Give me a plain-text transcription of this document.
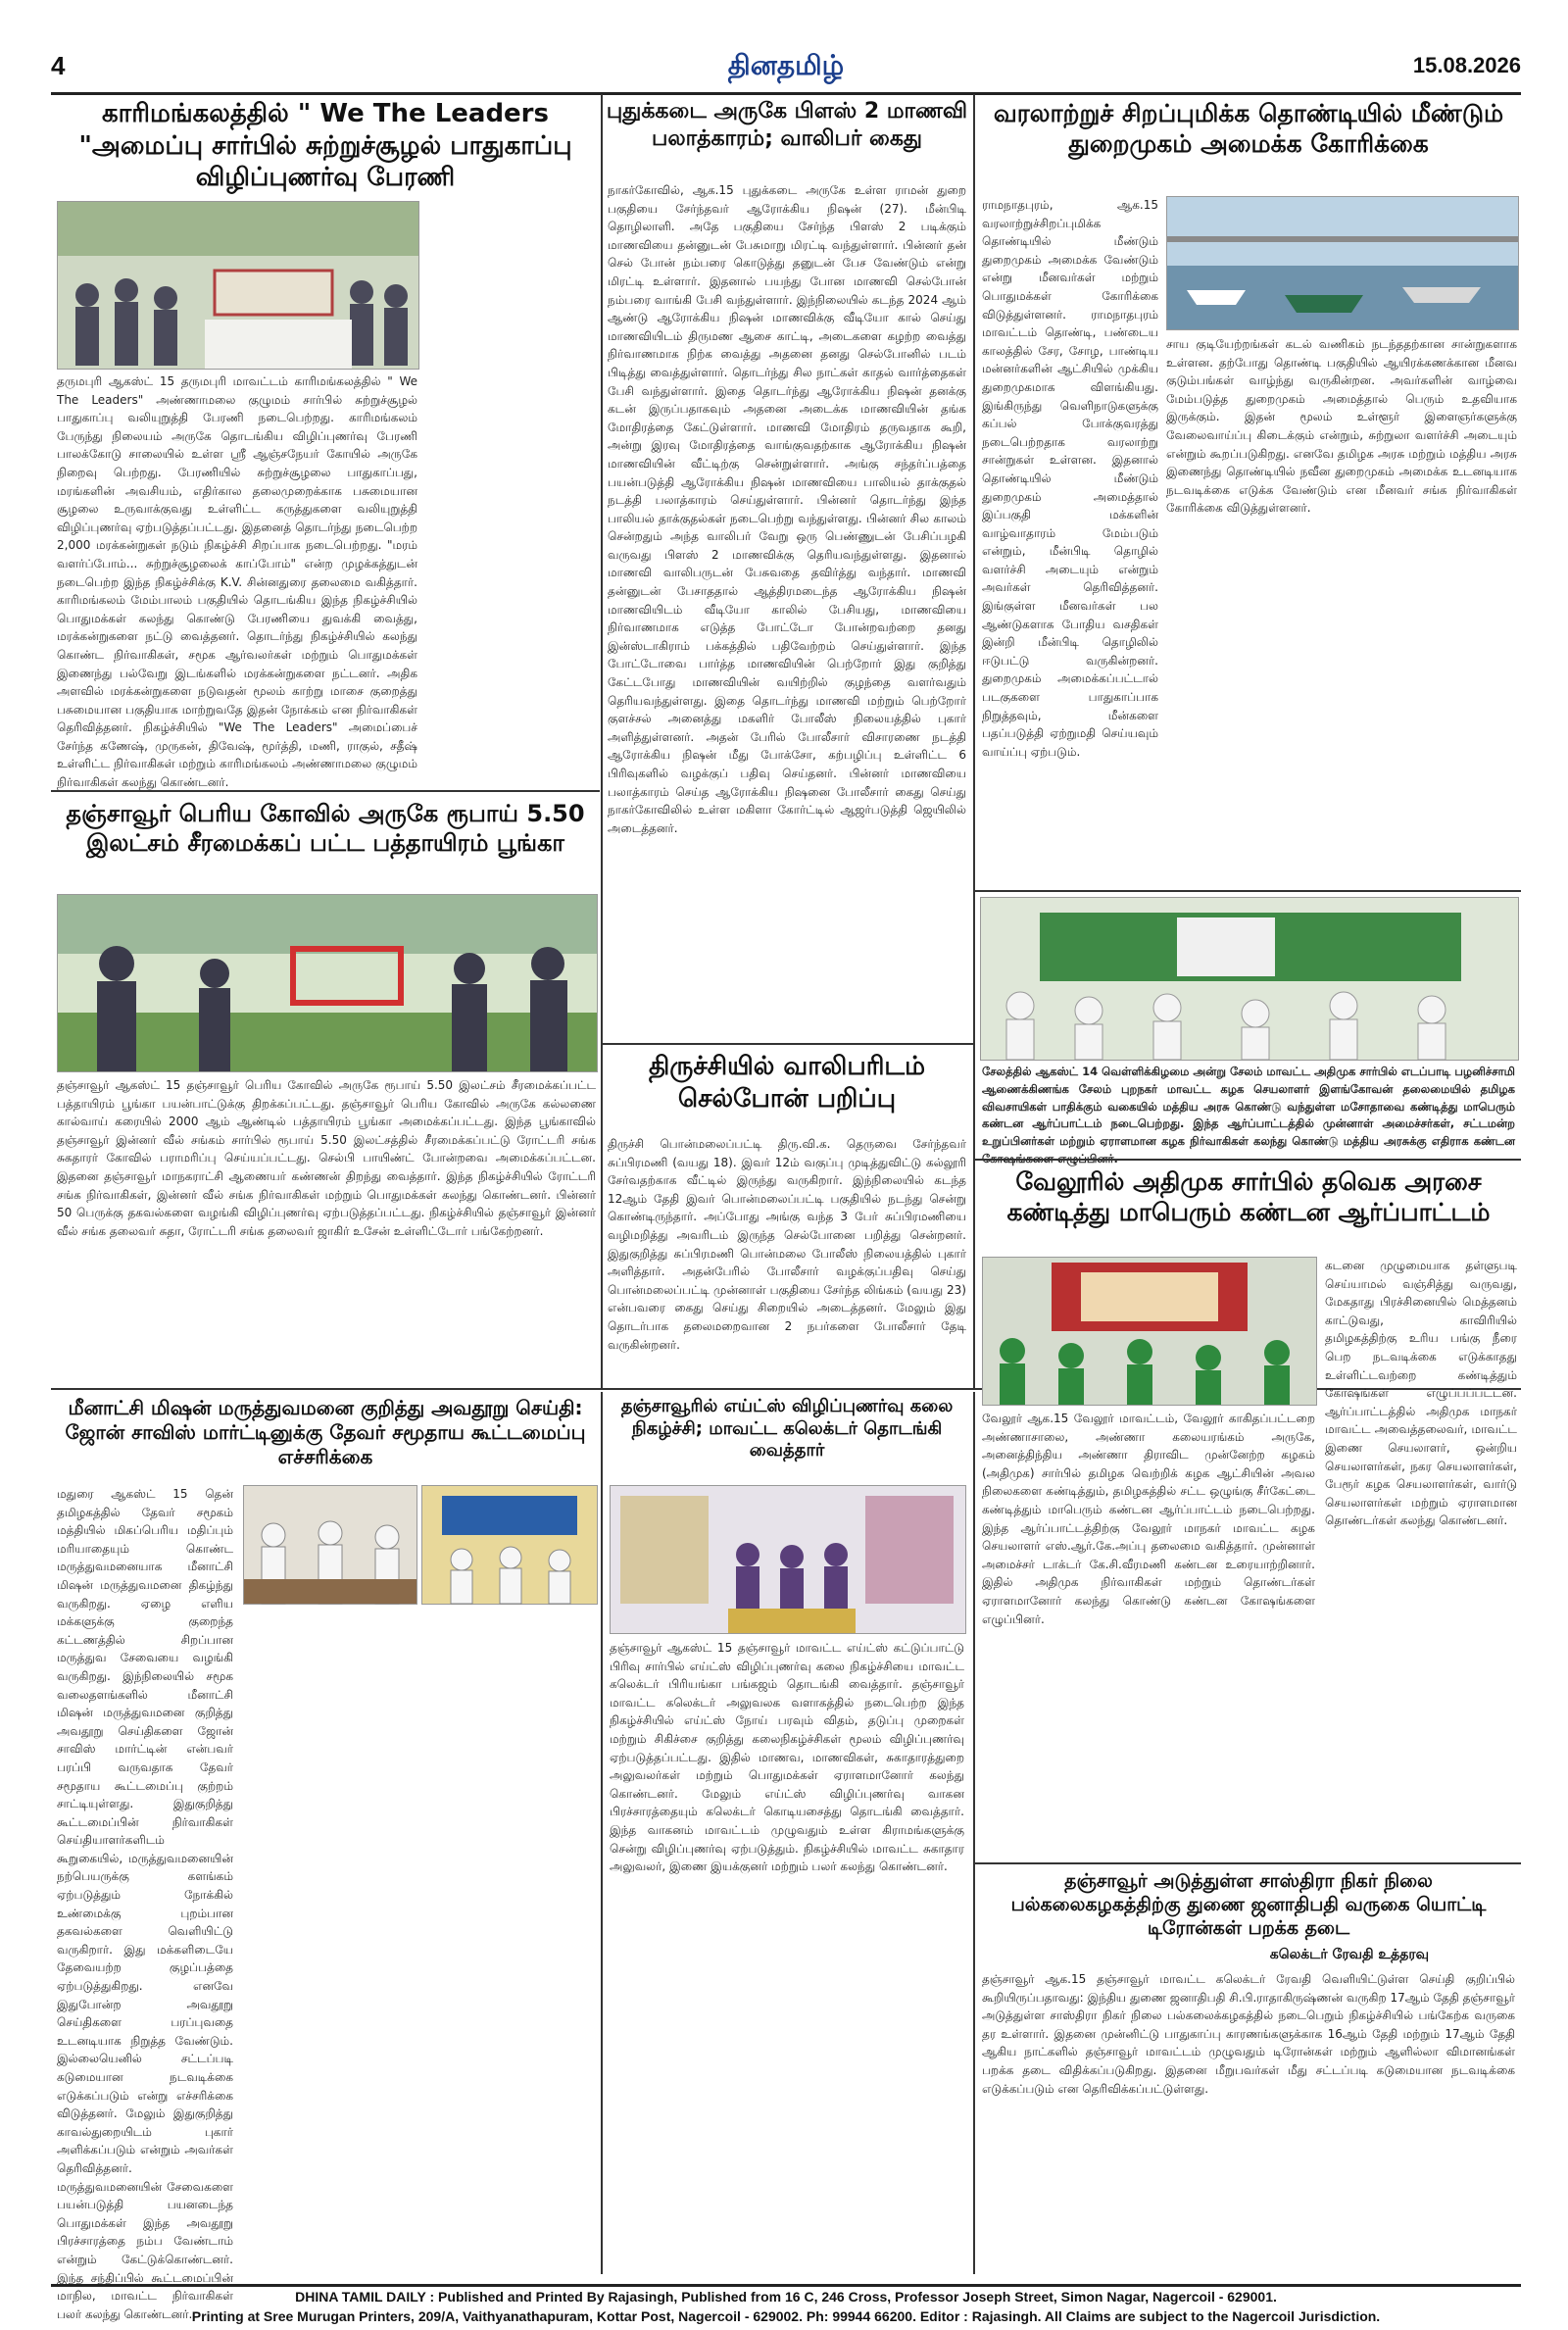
4	தினதமிழ்	15.08.2026
காரிமங்கலத்தில் " We The Leaders "அமைப்பு சார்பில் சுற்றுச்சூழல் பாதுகாப்பு விழிப்புணர்வு பேரணி
தருமபுரி ஆகஸ்ட் 15 தருமபுரி மாவட்டம் காரிமங்கலத்தில் " We The Leaders" அண்ணாமலை குழுமம் சார்பில் சுற்றுச்சூழல் பாதுகாப்பு வலியுறுத்தி பேரணி நடைபெற்றது. காரிமங்கலம் பேருந்து நிலையம் அருகே தொடங்கிய விழிப்புணர்வு பேரணி பாலக்கோடு சாலையில் உள்ள ஸ்ரீ ஆஞ்சநேயர் கோயில் அருகே நிறைவு பெற்றது. பேரணியில் சுற்றுச்சூழலை பாதுகாப்பது, மரங்களின் அவசியம், எதிர்கால தலைமுறைக்காக பசுமையான சூழலை உருவாக்குவது உள்ளிட்ட கருத்துகளை வலியுறுத்தி விழிப்புணர்வு ஏற்படுத்தப்பட்டது. இதனைத் தொடர்ந்து நடைபெற்ற 2,000 மரக்கன்றுகள் நடும் நிகழ்ச்சி சிறப்பாக நடைபெற்றது. "மரம் வளர்ப்போம்... சுற்றுச்சூழலைக் காப்போம்" என்ற முழக்கத்துடன் நடைபெற்ற இந்த நிகழ்ச்சிக்கு K.V. சின்னதுரை தலைமை வகித்தார். காரிமங்கலம் மேம்பாலம் பகுதியில் தொடங்கிய இந்த நிகழ்ச்சியில் பொதுமக்கள் கலந்து கொண்டு பேரணியை துவக்கி வைத்து, மரக்கன்றுகளை நட்டு வைத்தனர். தொடர்ந்து நிகழ்ச்சியில் கலந்து கொண்ட நிர்வாகிகள், சமூக ஆர்வலர்கள் மற்றும் பொதுமக்கள் இணைந்து பல்வேறு இடங்களில் மரக்கன்றுகளை நட்டனர். அதிக அளவில் மரக்கன்றுகளை நடுவதன் மூலம் காற்று மாசை குறைத்து பசுமையான பகுதியாக மாற்றுவதே இதன் நோக்கம் என நிர்வாகிகள் தெரிவித்தனர். நிகழ்ச்சியில் "We The Leaders" அமைப்பைச் சேர்ந்த கணேஷ், முருகன், திவேஷ், மூர்த்தி, மணி, ராகுல், சதீஷ் உள்ளிட்ட நிர்வாகிகள் மற்றும் காரிமங்கலம் அண்ணாமலை குழுமம் நிர்வாகிகள் கலந்து கொண்டனர்.
தஞ்சாவூர் பெரிய கோவில் அருகே ரூபாய் 5.50 இலட்சம் சீரமைக்கப் பட்ட பத்தாயிரம் பூங்கா
தஞ்சாவூர் ஆகஸ்ட் 15 தஞ்சாவூர் பெரிய கோவில் அருகே ரூபாய் 5.50 இலட்சம் சீரமைக்கப்பட்ட பத்தாயிரம் பூங்கா பயன்பாட்டுக்கு திறக்கப்பட்டது. தஞ்சாவூர் பெரிய கோவில் அருகே கல்லணை கால்வாய் கரையில் 2000 ஆம் ஆண்டில் பத்தாயிரம் பூங்கா அமைக்கப்பட்டது. இந்த பூங்காவில் தஞ்சாவூர் இன்னர் வீல் சங்கம் சார்பில் ரூபாய் 5.50 இலட்சத்தில் சீரமைக்கப்பட்டு ரோட்டரி சங்க சுகதாரர் கோவில் பராமரிப்பு செய்யப்பட்டது. செல்பி பாயிண்ட் போன்றவை அமைக்கப்பட்டன. இதனை தஞ்சாவூர் மாநகராட்சி ஆணையர் கண்ணன் திறந்து வைத்தார். இந்த நிகழ்ச்சியில் ரோட்டரி சங்க நிர்வாகிகள், இன்னர் வீல் சங்க நிர்வாகிகள் மற்றும் பொதுமக்கள் கலந்து கொண்டனர். பின்னர் 50 பெருக்கு தகவல்களை வழங்கி விழிப்புணர்வு ஏற்படுத்தப்பட்டது. நிகழ்ச்சியில் தஞ்சாவூர் இன்னர் வீல் சங்க தலைவர் சுதா, ரோட்டரி சங்க தலைவர் ஜாகிர் உசேன் உள்ளிட்டோர் பங்கேற்றனர்.
புதுக்கடை அருகே பிளஸ் 2 மாணவி பலாத்காரம்; வாலிபர் கைது
நாகர்கோவில், ஆக.15 புதுக்கடை அருகே உள்ள ராமன் துறை பகுதியை சேர்ந்தவர் ஆரோக்கிய நிஷன் (27). மீன்பிடி தொழிலாளி. அதே பகுதியை சேர்ந்த பிளஸ் 2 படிக்கும் மாணவியை தன்னுடன் பேசுமாறு மிரட்டி வந்துள்ளார். பின்னர் தன் செல் போன் நம்பரை கொடுத்து தனுடன் பேச வேண்டும் என்று மிரட்டி உள்ளார். இதனால் பயந்து போன மாணவி செல்போன் நம்பரை வாங்கி பேசி வந்துள்ளார். இந்நிலையில் கடந்த 2024 ஆம் ஆண்டு ஆரோக்கிய நிஷன் மாணவிக்கு வீடியோ கால் செய்து மாணவியிடம் திருமண ஆசை காட்டி, அடைகளை கழற்ற வைத்து நிர்வாணமாக நிற்க வைத்து அதனை தனது செல்போனில் படம் பிடித்து வைத்துள்ளார். தொடர்ந்து சில நாட்கள் காதல் வார்த்தைகள் பேசி வந்துள்ளார். இதை தொடர்ந்து ஆரோக்கிய நிஷன் தனக்கு கடன் இருப்பதாகவும் அதனை அடைக்க மாணவியின் தங்க மோதிரத்தை கேட்டுள்ளார். மாணவி மோதிரம் தருவதாக கூறி, அன்று இரவு மோதிரத்தை வாங்குவதற்காக ஆரோக்கிய நிஷன் மாணவியின் வீட்டிற்கு சென்றுள்ளார். அங்கு சந்தர்ப்பத்தை பயன்படுத்தி ஆரோக்கிய நிஷன் மாணவியை பாலியல் தாக்குதல் நடத்தி பலாத்காரம் செய்துள்ளார். பின்னர் தொடர்ந்து இந்த பாலியல் தாக்குதல்கள் நடைபெற்று வந்துள்ளது. பின்னர் சில காலம் சென்றதும் அந்த வாலிபர் வேறு ஒரு பெண்ணுடன் பேசிப்பழகி வருவது பிளஸ் 2 மாணவிக்கு தெரியவந்துள்ளது. இதனால் மாணவி வாலிபருடன் பேசுவதை தவிர்த்து வந்தார். மாணவி தன்னுடன் பேசாததால் ஆத்திரமடைந்த ஆரோக்கிய நிஷன் மாணவியிடம் வீடியோ காலில் பேசியது, மாணவியை நிர்வாணமாக எடுத்த போட்டோ போன்றவற்றை தனது இன்ஸ்டாகிராம் பக்கத்தில் பதிவேற்றம் செய்துள்ளார். இந்த போட்டோவை பார்த்த மாணவியின் பெற்றோர் இது குறித்து கேட்டபோது மாணவியின் வயிற்றில் குழந்தை வளர்வதும் தெரியவந்துள்ளது. இதை தொடர்ந்து மாணவி மற்றும் பெற்றோர் குளச்சல் அனைத்து மகளிர் போலீஸ் நிலையத்தில் புகார் அளித்துள்ளனர். அதன் பேரில் போலீசார் விசாரணை நடத்தி ஆரோக்கிய நிஷன் மீது போக்சோ, கற்பழிப்பு உள்ளிட்ட 6 பிரிவுகளில் வழக்குப் பதிவு செய்தனர். பின்னர் மாணவியை பலாத்காரம் செய்த ஆரோக்கிய நிஷனை போலீசார் கைது செய்து நாகர்கோவிலில் உள்ள மகிளா கோர்ட்டில் ஆஜர்படுத்தி ஜெயிலில் அடைத்தனர்.
திருச்சியில் வாலிபரிடம் செல்போன் பறிப்பு
திருச்சி பொன்மலைப்பட்டி திரு.வி.க. தெருவை சேர்ந்தவர் சுப்பிரமணி (வயது 18). இவர் 12ம் வகுப்பு முடித்துவிட்டு கல்லூரி சேர்வதற்காக வீட்டில் இருந்து வருகிறார். இந்நிலையில் கடந்த 12ஆம் தேதி இவர் பொன்மலைப்பட்டி பகுதியில் நடந்து சென்று கொண்டிருந்தார். அப்போது அங்கு வந்த 3 பேர் சுப்பிரமணியை வழிமறித்து அவரிடம் இருந்த செல்போனை பறித்து சென்றனர். இதுகுறித்து சுப்பிரமணி பொன்மலை போலீஸ் நிலையத்தில் புகார் அளித்தார். அதன்பேரில் போலீசார் வழக்குப்பதிவு செய்து பொன்மலைப்பட்டி முன்னாள் பகுதியை சேர்ந்த லிங்கம் (வயது 23) என்பவரை கைது செய்து சிறையில் அடைத்தனர். மேலும் இது தொடர்பாக தலைமறைவான 2 நபர்களை போலீசார் தேடி வருகின்றனர்.
வரலாற்றுச் சிறப்புமிக்க தொண்டியில் மீண்டும் துறைமுகம் அமைக்க கோரிக்கை
ராமநாதபுரம், ஆக.15 வரலாற்றுச்சிறப்புமிக்க தொண்டியில் மீண்டும் துறைமுகம் அமைக்க வேண்டும் என்று மீனவர்கள் மற்றும் பொதுமக்கள் கோரிக்கை விடுத்துள்ளனர். ராமநாதபுரம் மாவட்டம் தொண்டி, பண்டைய காலத்தில் சேர, சோழ, பாண்டிய மன்னர்களின் ஆட்சியில் முக்கிய துறைமுகமாக விளங்கியது. இங்கிருந்து வெளிநாடுகளுக்கு கப்பல் போக்குவரத்து நடைபெற்றதாக வரலாற்று சான்றுகள் உள்ளன. இதனால் தொண்டியில் மீண்டும் துறைமுகம் அமைத்தால் இப்பகுதி மக்களின் வாழ்வாதாரம் மேம்படும் என்றும், மீன்பிடி தொழில் வளர்ச்சி அடையும் என்றும் அவர்கள் தெரிவித்தனர். இங்குள்ள மீனவர்கள் பல ஆண்டுகளாக போதிய வசதிகள் இன்றி மீன்பிடி தொழிலில் ஈடுபட்டு வருகின்றனர். துறைமுகம் அமைக்கப்பட்டால் படகுகளை பாதுகாப்பாக நிறுத்தவும், மீன்களை பதப்படுத்தி ஏற்றுமதி செய்யவும் வாய்ப்பு ஏற்படும்.
சாய குடியேற்றங்கள் கடல் வணிகம் நடந்ததற்கான சான்றுகளாக உள்ளன. தற்போது தொண்டி பகுதியில் ஆயிரக்கணக்கான மீனவ குடும்பங்கள் வாழ்ந்து வருகின்றன. அவர்களின் வாழ்வை மேம்படுத்த துறைமுகம் அமைத்தால் பெரும் உதவியாக இருக்கும். இதன் மூலம் உள்ளூர் இளைஞர்களுக்கு வேலைவாய்ப்பு கிடைக்கும் என்றும், சுற்றுலா வளர்ச்சி அடையும் என்றும் கூறப்படுகிறது. எனவே தமிழக அரசு மற்றும் மத்திய அரசு இணைந்து தொண்டியில் நவீன துறைமுகம் அமைக்க உடனடியாக நடவடிக்கை எடுக்க வேண்டும் என மீனவர் சங்க நிர்வாகிகள் கோரிக்கை விடுத்துள்ளனர்.
சேலத்தில் ஆகஸ்ட் 14 வெள்ளிக்கிழமை அன்று சேலம் மாவட்ட அதிமுக சார்பில் எடப்பாடி பழனிச்சாமி ஆணைக்கிணங்க சேலம் புறநகர் மாவட்ட கழக செயலாளர் இளங்கோவன் தலைமையில் தமிழக விவசாயிகள் பாதிக்கும் வகையில் மத்திய அரசு கொண்டு வந்துள்ள மசோதாவை கண்டித்து மாபெரும் கண்டன ஆர்ப்பாட்டம் நடைபெற்றது. இந்த ஆர்ப்பாட்டத்தில் முன்னாள் அமைச்சர்கள், சட்டமன்ற உறுப்பினர்கள் மற்றும் ஏராளமான கழக நிர்வாகிகள் கலந்து கொண்டு மத்திய அரசுக்கு எதிராக கண்டன
வேலூரில் அதிமுக சார்பில் தவெக அரசை கண்டித்து மாபெரும் கண்டன ஆர்ப்பாட்டம்
வேலூர் ஆக.15 வேலூர் மாவட்டம், வேலூர் காகிதப்பட்டறை அண்ணாசாலை, அண்ணா கலையரங்கம் அருகே, அனைத்திந்திய அண்ணா திராவிட முன்னேற்ற கழகம் (அதிமுக) சார்பில் தமிழக வெற்றிக் கழக ஆட்சியின் அவல நிலைகளை கண்டித்தும், தமிழகத்தில் சட்ட ஒழுங்கு சீர்கேட்டை கண்டித்தும் மாபெரும் கண்டன ஆர்ப்பாட்டம் நடைபெற்றது. இந்த ஆர்ப்பாட்டத்திற்கு வேலூர் மாநகர் மாவட்ட கழக செயலாளர் எஸ்.ஆர்.கே.அப்பு தலைமை வகித்தார். முன்னாள் அமைச்சர் டாக்டர் கே.சி.வீரமணி கண்டன உரையாற்றினார். இதில் அதிமுக நிர்வாகிகள் மற்றும் தொண்டர்கள் ஏராளமானோர் கலந்து கொண்டு கண்டன கோஷங்களை எழுப்பினர்.
கடனை முழுமையாக தள்ளுபடி செய்யாமல் வஞ்சித்து வருவது, மேகதாது பிரச்சினையில் மெத்தனம் காட்டுவது, காவிரியில் தமிழகத்திற்கு உரிய பங்கு நீரை பெற நடவடிக்கை எடுக்காதது உள்ளிட்டவற்றை கண்டித்தும் கோஷங்கள் எழுப்பப்பட்டன. ஆர்ப்பாட்டத்தில் அதிமுக மாநகர் மாவட்ட அவைத்தலைவர், மாவட்ட இணை செயலாளர், ஒன்றிய செயலாளர்கள், நகர செயலாளர்கள், பேரூர் கழக செயலாளர்கள், வார்டு செயலாளர்கள் மற்றும் ஏராளமான தொண்டர்கள் கலந்து கொண்டனர்.
மீனாட்சி மிஷன் மருத்துவமனை குறித்து அவதூறு செய்தி: ஜோன் சாவிஸ் மார்ட்டினுக்கு தேவர் சமூதாய கூட்டமைப்பு எச்சரிக்கை
மதுரை ஆகஸ்ட் 15 தென் தமிழகத்தில் தேவர் சமூகம் மத்தியில் மிகப்பெரிய மதிப்பும் மரியாதையும் கொண்ட மருத்துவமனையாக மீனாட்சி மிஷன் மருத்துவமனை திகழ்ந்து வருகிறது. ஏழை எளிய மக்களுக்கு குறைந்த கட்டணத்தில் சிறப்பான மருத்துவ சேவையை வழங்கி வருகிறது. இந்நிலையில் சமூக வலைதளங்களில் மீனாட்சி மிஷன் மருத்துவமனை குறித்து அவதூறு செய்திகளை ஜோன் சாவிஸ் மார்ட்டின் என்பவர் பரப்பி வருவதாக தேவர் சமூதாய கூட்டமைப்பு குற்றம் சாட்டியுள்ளது. இதுகுறித்து கூட்டமைப்பின் நிர்வாகிகள் செய்தியாளர்களிடம் கூறுகையில், மருத்துவமனையின் நற்பெயருக்கு களங்கம் ஏற்படுத்தும் நோக்கில் உண்மைக்கு புறம்பான தகவல்களை வெளியிட்டு வருகிறார். இது மக்களிடையே தேவையற்ற குழப்பத்தை ஏற்படுத்துகிறது. எனவே இதுபோன்ற அவதூறு செய்திகளை பரப்புவதை உடனடியாக நிறுத்த வேண்டும். இல்லையெனில் சட்டப்படி கடுமையான நடவடிக்கை எடுக்கப்படும் என்று எச்சரிக்கை விடுத்தனர். மேலும் இதுகுறித்து காவல்துறையிடம் புகார் அளிக்கப்படும் என்றும் அவர்கள் தெரிவித்தனர். மருத்துவமனையின் சேவைகளை பயன்படுத்தி பயனடைந்த பொதுமக்கள் இந்த அவதூறு பிரச்சாரத்தை நம்ப வேண்டாம் என்றும் கேட்டுக்கொண்டனர். இந்த சந்திப்பில் கூட்டமைப்பின் மாநில, மாவட்ட நிர்வாகிகள் பலர் கலந்து கொண்டனர்.
தஞ்சாவூரில் எய்ட்ஸ் விழிப்புணர்வு கலை நிகழ்ச்சி; மாவட்ட கலெக்டர் தொடங்கி வைத்தார்
தஞ்சாவூர் ஆகஸ்ட் 15 தஞ்சாவூர் மாவட்ட எய்ட்ஸ் கட்டுப்பாட்டு பிரிவு சார்பில் எய்ட்ஸ் விழிப்புணர்வு கலை நிகழ்ச்சியை மாவட்ட கலெக்டர் பிரியங்கா பங்கஜம் தொடங்கி வைத்தார். தஞ்சாவூர் மாவட்ட கலெக்டர் அலுவலக வளாகத்தில் நடைபெற்ற இந்த நிகழ்ச்சியில் எய்ட்ஸ் நோய் பரவும் விதம், தடுப்பு முறைகள் மற்றும் சிகிச்சை குறித்து கலைநிகழ்ச்சிகள் மூலம் விழிப்புணர்வு ஏற்படுத்தப்பட்டது. இதில் மாணவ, மாணவிகள், சுகாதாரத்துறை அலுவலர்கள் மற்றும் பொதுமக்கள் ஏராளமானோர் கலந்து கொண்டனர். மேலும் எய்ட்ஸ் விழிப்புணர்வு வாகன பிரச்சாரத்தையும் கலெக்டர் கொடியசைத்து தொடங்கி வைத்தார். இந்த வாகனம் மாவட்டம் முழுவதும் உள்ள கிராமங்களுக்கு சென்று விழிப்புணர்வு ஏற்படுத்தும். நிகழ்ச்சியில் மாவட்ட சுகாதார அலுவலர், இணை இயக்குனர் மற்றும் பலர் கலந்து கொண்டனர்.
தஞ்சாவூர் அடுத்துள்ள சாஸ்திரா நிகர் நிலை பல்கலைகழகத்திற்கு துணை ஜனாதிபதி வருகை யொட்டி டிரோன்கள் பறக்க தடை
கலெக்டர் ரேவதி உத்தரவு
தஞ்சாவூர் ஆக.15 தஞ்சாவூர் மாவட்ட கலெக்டர் ரேவதி வெளியிட்டுள்ள செய்தி குறிப்பில் கூறியிருப்பதாவது: இந்திய துணை ஜனாதிபதி சி.பி.ராதாகிருஷ்ணன் வருகிற 17ஆம் தேதி தஞ்சாவூர் அடுத்துள்ள சாஸ்திரா நிகர் நிலை பல்கலைக்கழகத்தில் நடைபெறும் நிகழ்ச்சியில் பங்கேற்க வருகை தர உள்ளார். இதனை முன்னிட்டு பாதுகாப்பு காரணங்களுக்காக 16ஆம் தேதி மற்றும் 17ஆம் தேதி ஆகிய நாட்களில் தஞ்சாவூர் மாவட்டம் முழுவதும் டிரோன்கள் மற்றும் ஆளில்லா விமானங்கள் பறக்க தடை விதிக்கப்படுகிறது. இதனை மீறுபவர்கள் மீது சட்டப்படி கடுமையான நடவடிக்கை எடுக்கப்படும் என தெரிவிக்கப்பட்டுள்ளது.
DHINA TAMIL DAILY : Published and Printed By Rajasingh, Published from 16 C, 246 Cross, Professor Joseph Street, Simon Nagar, Nagercoil - 629001.
Printing at Sree Murugan Printers, 209/A, Vaithyanathapuram, Kottar Post, Nagercoil - 629002. Ph: 99944 66200. Editor : Rajasingh. All Claims are subject to the Nagercoil Jurisdiction.
